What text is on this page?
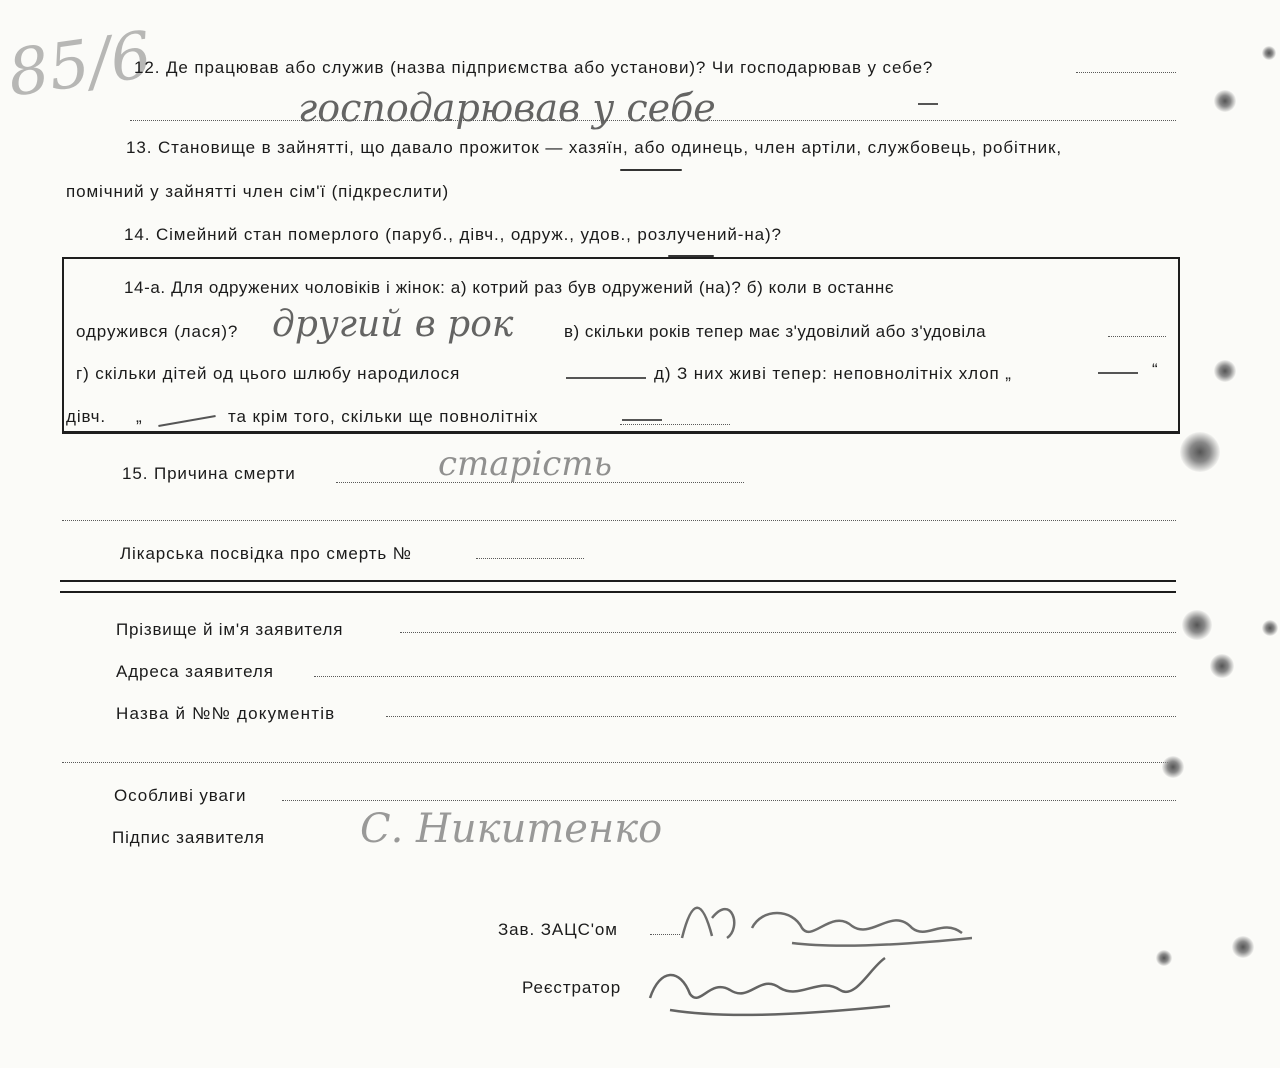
85/6
12. Де працював або служив (назва підприємства або установи)? Чи господарював у себе?
господарював у себе
13. Становище в зайнятті, що давало прожиток — хазяїн, або одинець, член артіли, службовець, робітник,
помічний у зайнятті член сім'ї (підкреслити)
14. Сімейний стан померлого (паруб., дівч., одруж., удов., розлучений-на)?
14-а. Для одружених чоловіків і жінок: а) котрий раз був одружений (на)? б) коли в останнє
одружився (лася)? другий в рок	в) скільки років тепер має з'удовілий або з'удовіла
г) скільки дітей од цього шлюбу народилося	д) З них живі тепер: неповнолітніх хлоп „	“
дівч. „	та крім того, скільки ще повнолітніх
15. Причина смерти	старість
Лікарська посвідка про смерть №
Прізвище й ім'я заявителя
Адреса заявителя
Назва й №№ документів
Особливі уваги
Підпис заявителя С. Никитенко
Зав. ЗАЦС'ом
Реєстратор
